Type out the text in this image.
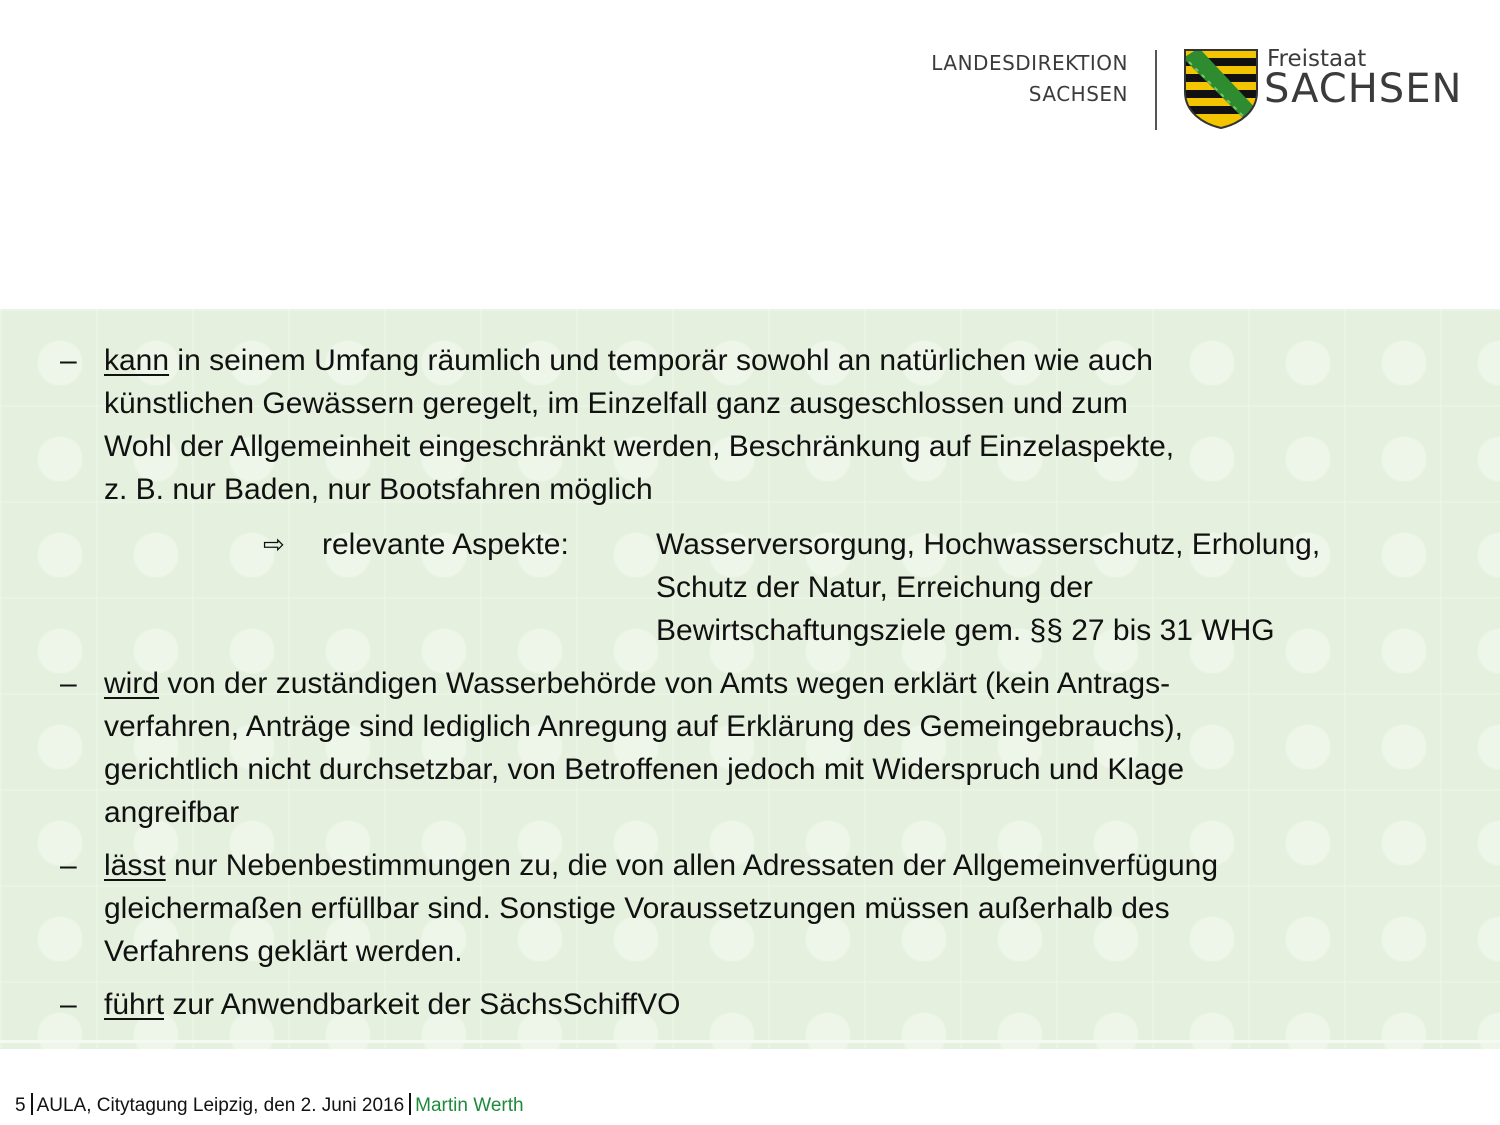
LANDESDIREKTION
SACHSEN
Freistaat
SACHSEN
– kann in seinem Umfang räumlich und temporär sowohl an natürlichen wie auch
künstlichen Gewässern geregelt, im Einzelfall ganz ausgeschlossen und zum
Wohl der Allgemeinheit eingeschränkt werden, Beschränkung auf Einzelaspekte,
z. B. nur Baden, nur Bootsfahren möglich
⇨ relevante Aspekte:	Wasserversorgung, Hochwasserschutz, Erholung,
Schutz der Natur, Erreichung der
Bewirtschaftungsziele gem. §§ 27 bis 31 WHG
– wird von der zuständigen Wasserbehörde von Amts wegen erklärt (kein Antrags-
verfahren, Anträge sind lediglich Anregung auf Erklärung des Gemeingebrauchs),
gerichtlich nicht durchsetzbar, von Betroffenen jedoch mit Widerspruch und Klage
angreifbar
– lässt nur Nebenbestimmungen zu, die von allen Adressaten der Allgemeinverfügung
gleichermaßen erfüllbar sind. Sonstige Voraussetzungen müssen außerhalb des
Verfahrens geklärt werden.
– führt zur Anwendbarkeit der SächsSchiffVO
5 AULA, Citytagung Leipzig, den 2. Juni 2016 Martin Werth
